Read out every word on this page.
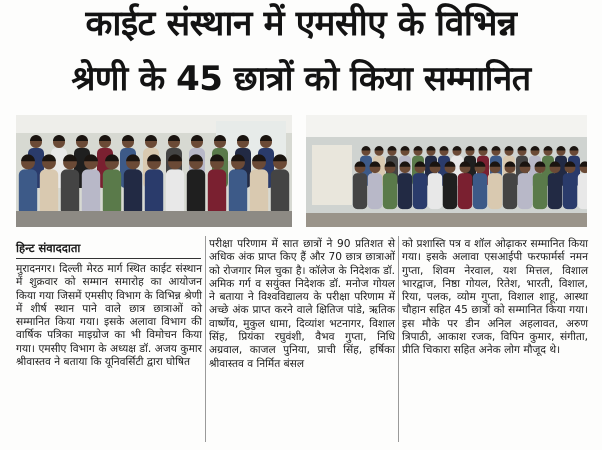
काईट संस्थान में एमसीए के विभिन्न
श्रेणी के 45 छात्रों को किया सम्मानित
हिन्ट संवाददाता

मुरादनगर। दिल्ली मेरठ मार्ग स्थित काईट संस्थान में शुक्रवार को सम्मान समारोह का आयोजन किया गया जिसमें एमसीए विभाग के विभिन्न श्रेणी में शीर्ष स्थान पाने वाले छात्र छात्राओं को सम्मानित किया गया। इसके अलावा विभाग की वार्षिक पत्रिका माइग्रोज का भी विमोचन किया गया। एमसीए विभाग के अध्यक्ष डॉ. अजय कुमार श्रीवास्तव ने बताया कि यूनिवर्सिटी द्वारा घोषित

परीक्षा परिणाम में सात छात्रों ने 90 प्रतिशत से अधिक अंक प्राप्त किए हैं और 70 छात्र छात्राओं को रोजगार मिल चुका है। कॉलेज के निदेशक डॉ. अमिक गर्ग व सयुंक्त निदेशक डॉ. मनोज गोयल ने बताया ने विश्वविद्यालय के परीक्षा परिणाम में अच्छे अंक प्राप्त करने वाले क्षितिज पांडे, ऋतिक वार्ष्णेय, मुकुल धामा, दिव्यांश भटनागर, विशाल सिंह, प्रियंका रघुवंशी, वैभव गुप्ता, निधि अग्रवाल, काजल पुनिया, प्राची सिंह, हर्षिका श्रीवास्तव व निर्मित बंसल

को प्रशास्ति पत्र व शॉल ओढ़ाकर सम्मानित किया गया। इसके अलावा एसआईपी फरफार्मर्स नमन गुप्ता, शिवम नेरवाल, यश मित्तल, विशाल भारद्वाज, निष्ठा गोयल, रितेश, भारती, विशाल, रिया, पलक, व्योम गुप्ता, विशाल शाहू, आस्था चौहान सहित 45 छात्रों को सम्मानित किया गया। इस मौके पर डीन अनिल अहलावत, अरुण त्रिपाठी, आकाश रजक, विपिन कुमार, संगीता, प्रीति चिकारा सहित अनेक लोग मौजूद थे।
